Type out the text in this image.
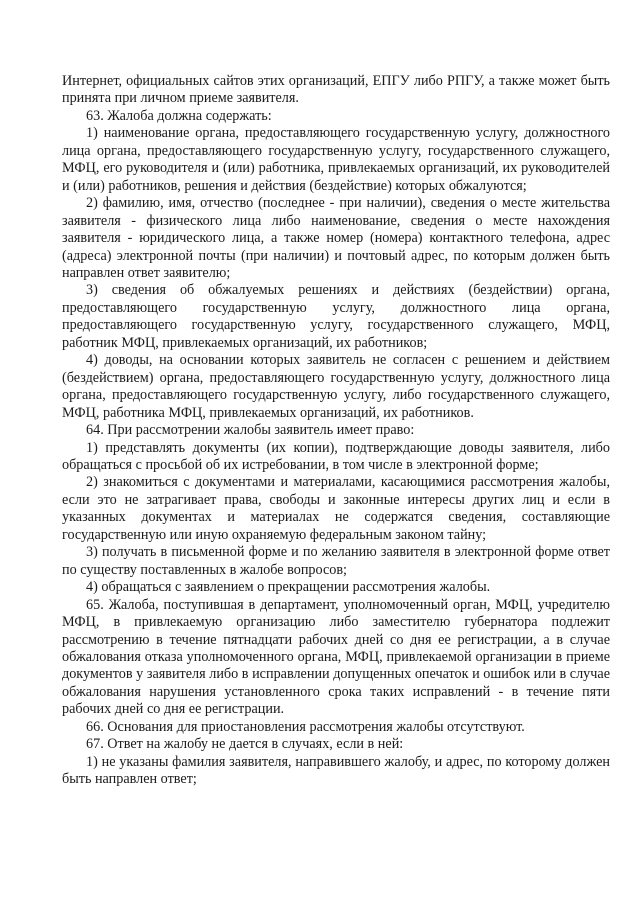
Интернет, официальных сайтов этих организаций, ЕПГУ либо РПГУ, а также может быть принята при личном приеме заявителя.

63. Жалоба должна содержать:

1) наименование органа, предоставляющего государственную услугу, должностного лица органа, предоставляющего государственную услугу, государственного служащего, МФЦ, его руководителя и (или) работника, привлекаемых организаций, их руководителей и (или) работников, решения и действия (бездействие) которых обжалуются;

2) фамилию, имя, отчество (последнее - при наличии), сведения о месте жительства заявителя - физического лица либо наименование, сведения о месте нахождения заявителя - юридического лица, а также номер (номера) контактного телефона, адрес (адреса) электронной почты (при наличии) и почтовый адрес, по которым должен быть направлен ответ заявителю;

3) сведения об обжалуемых решениях и действиях (бездействии) органа, предоставляющего государственную услугу, должностного лица органа, предоставляющего государственную услугу, государственного служащего, МФЦ, работник МФЦ, привлекаемых организаций, их работников;

4) доводы, на основании которых заявитель не согласен с решением и действием (бездействием) органа, предоставляющего государственную услугу, должностного лица органа, предоставляющего государственную услугу, либо государственного служащего, МФЦ, работника МФЦ, привлекаемых организаций, их работников.

64. При рассмотрении жалобы заявитель имеет право:

1) представлять документы (их копии), подтверждающие доводы заявителя, либо обращаться с просьбой об их истребовании, в том числе в электронной форме;

2) знакомиться с документами и материалами, касающимися рассмотрения жалобы, если это не затрагивает права, свободы и законные интересы других лиц и если в указанных документах и материалах не содержатся сведения, составляющие государственную или иную охраняемую федеральным законом тайну;

3) получать в письменной форме и по желанию заявителя в электронной форме ответ по существу поставленных в жалобе вопросов;

4) обращаться с заявлением о прекращении рассмотрения жалобы.

65. Жалоба, поступившая в департамент, уполномоченный орган, МФЦ, учредителю МФЦ, в привлекаемую организацию либо заместителю губернатора подлежит рассмотрению в течение пятнадцати рабочих дней со дня ее регистрации, а в случае обжалования отказа уполномоченного органа, МФЦ, привлекаемой организации в приеме документов у заявителя либо в исправлении допущенных опечаток и ошибок или в случае обжалования нарушения установленного срока таких исправлений - в течение пяти рабочих дней со дня ее регистрации.

66. Основания для приостановления рассмотрения жалобы отсутствуют.

67. Ответ на жалобу не дается в случаях, если в ней:

1) не указаны фамилия заявителя, направившего жалобу, и адрес, по которому должен быть направлен ответ;
